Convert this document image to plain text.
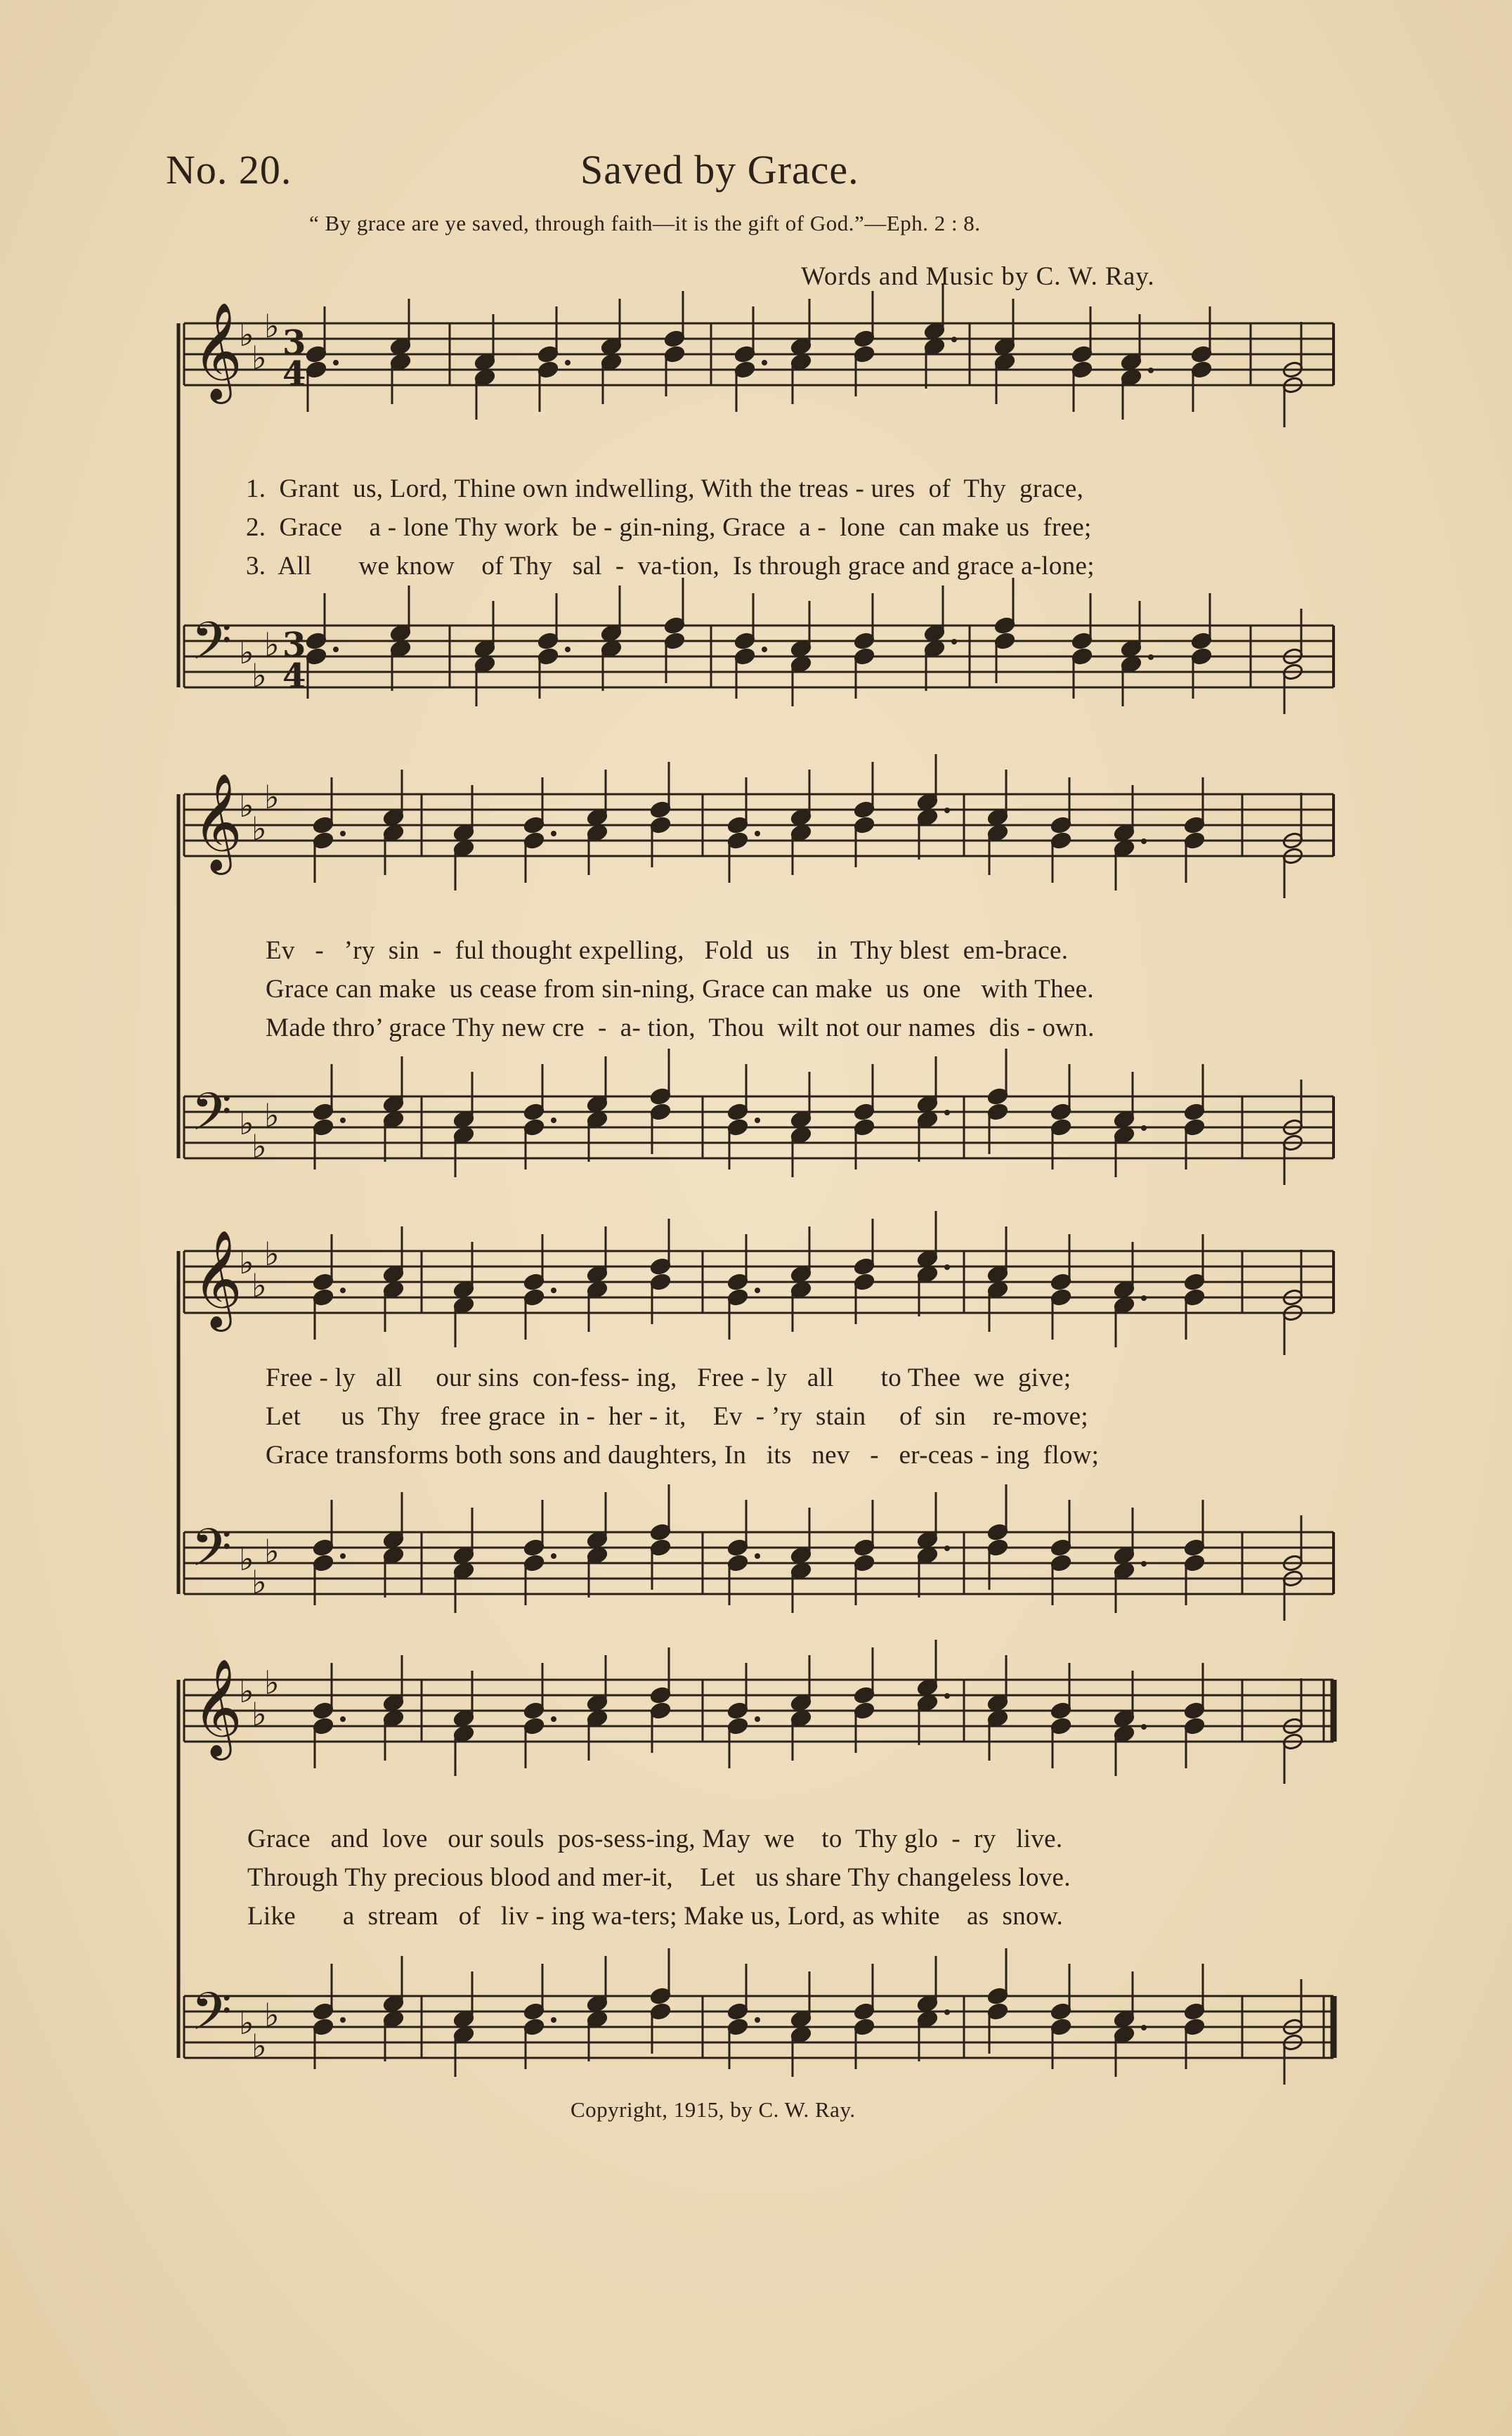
No. 20.	Saved by Grace.
“ By grace are ye saved, through faith—it is the gift of God.”—Eph. 2 : 8.
Words and Music by C. W. Ray.
𝄞
𝄢
♭
♭
♭
♭
♭
♭
3
4
3
4
𝄞
𝄢
♭
♭
♭
♭
♭
♭
𝄞
𝄢
♭
♭
♭
♭
♭
♭
𝄞
𝄢
♭
♭
♭
♭
♭
♭
1.  Grant  us, Lord, Thine own indwelling, With the treas - ures  of  Thy  grace,
2.  Grace    a - lone Thy work  be - gin-ning, Grace  a -  lone  can make us  free;
3.  All       we know    of Thy   sal  -  va-tion,  Is through grace and grace a-lone;
Ev   -   ’ry  sin  -  ful thought expelling,   Fold  us    in  Thy blest  em-brace.
Grace can make  us cease from sin-ning, Grace can make  us  one   with Thee.
Made thro’ grace Thy new cre  -  a- tion,  Thou  wilt not our names  dis - own.
Free - ly   all     our sins  con-fess- ing,   Free - ly   all       to Thee  we  give;
Let      us  Thy   free grace  in -  her - it,    Ev  - ’ry  stain     of  sin    re-move;
Grace transforms both sons and daughters, In   its   nev   -   er-ceas - ing  flow;
Grace   and  love   our souls  pos-sess-ing, May  we    to  Thy glo  -  ry   live.
Through Thy precious blood and mer-it,    Let   us share Thy changeless love.
Like       a  stream   of   liv - ing wa-ters; Make us, Lord, as white    as  snow.
Copyright, 1915, by C. W. Ray.
